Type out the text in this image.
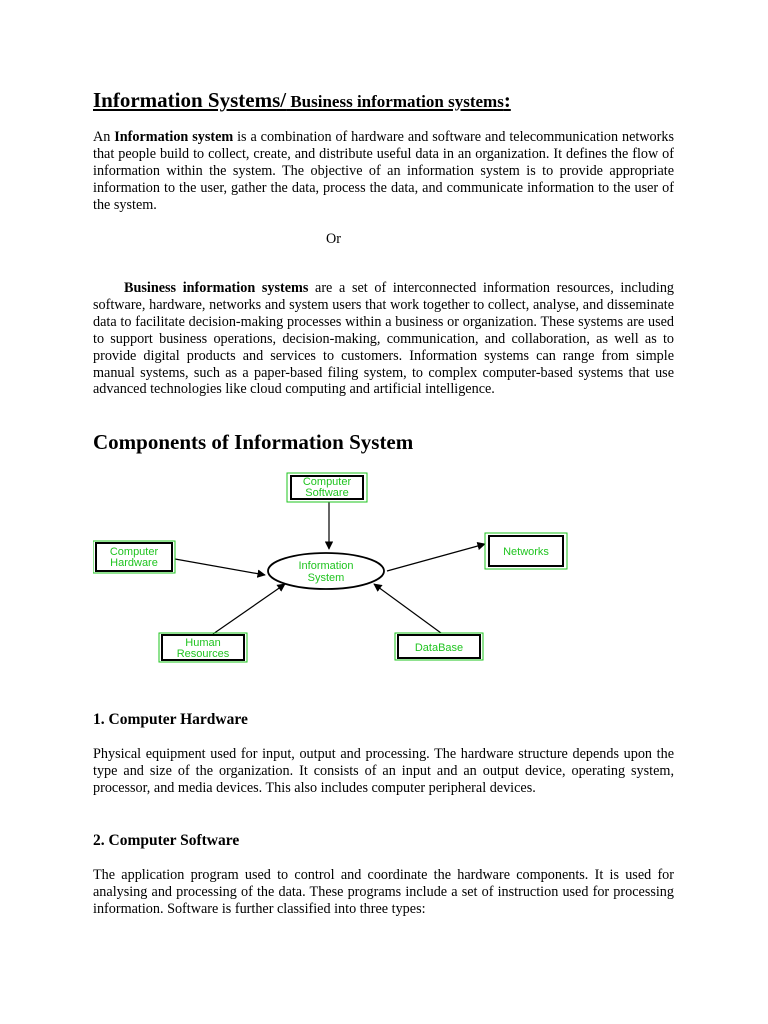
Information Systems/ Business information systems:

An Information system is a combination of hardware and software and telecommunication networks that people build to collect, create, and distribute useful data in an organization. It defines the flow of information within the system. The objective of an information system is to provide appropriate information to the user, gather the data, process the data, and communicate information to the user of the system.

Or

Business information systems are a set of interconnected information resources, including software, hardware, networks and system users that work together to collect, analyse, and disseminate data to facilitate decision-making processes within a business or organization. These systems are used to support business operations, decision-making, communication, and collaboration, as well as to provide digital products and services to customers. Information systems can range from simple manual systems, such as a paper-based filing system, to complex computer-based systems that use advanced technologies like cloud computing and artificial intelligence.

Components of Information System
Information
System
Computer
Software
Computer
Hardware
Networks
Human
Resources	DataBase
1. Computer Hardware

Physical equipment used for input, output and processing. The hardware structure depends upon the type and size of the organization. It consists of an input and an output device, operating system, processor, and media devices. This also includes computer peripheral devices.

2. Computer Software

The application program used to control and coordinate the hardware components. It is used for analysing and processing of the data. These programs include a set of instruction used for processing information. Software is further classified into three types:
